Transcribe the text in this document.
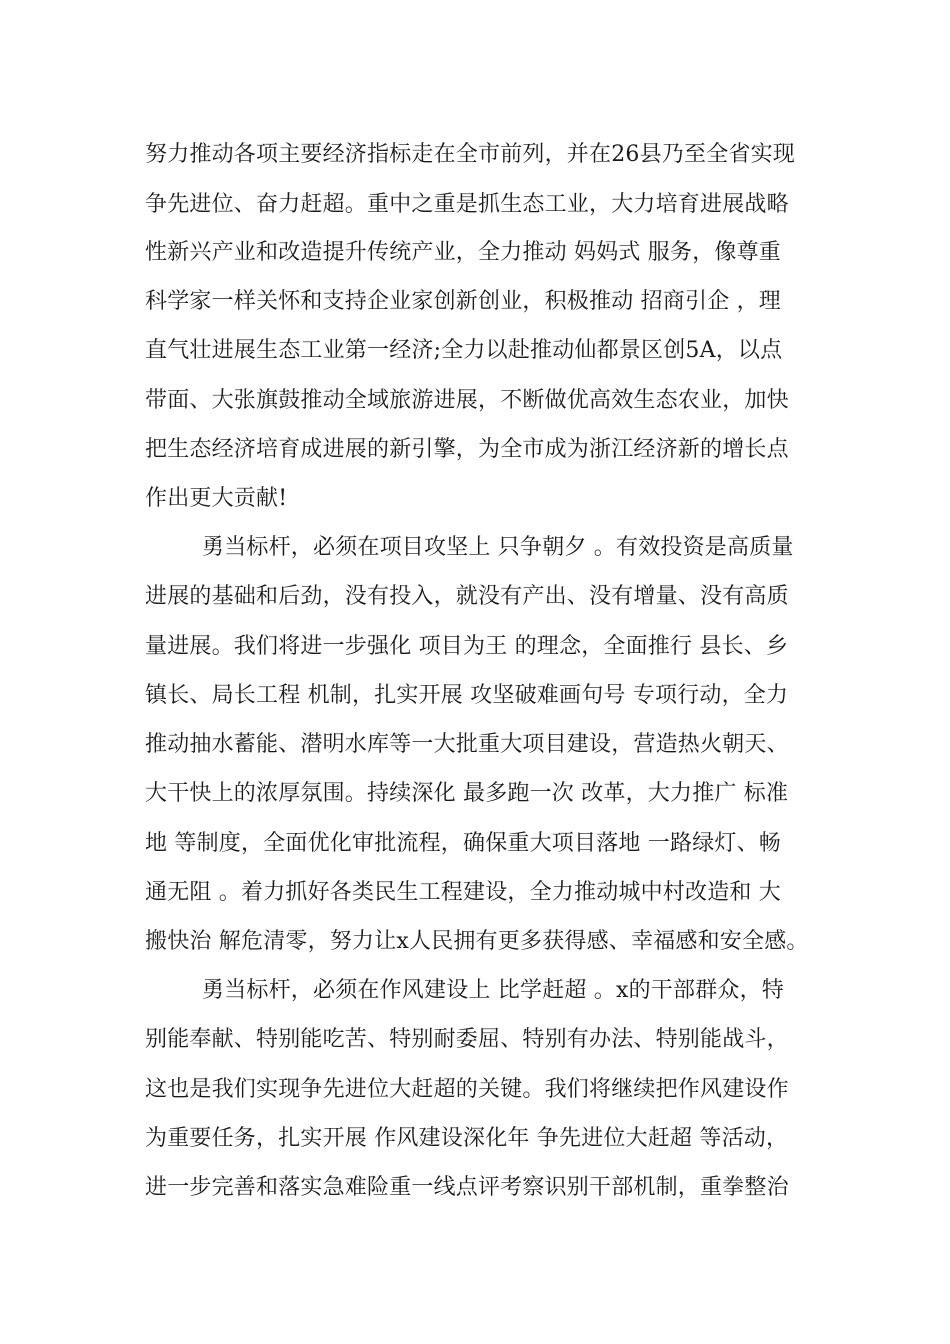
努力推动各项主要经济指标走在全市前列，并在26县乃至全省实现
争先进位、奋力赶超。重中之重是抓生态工业，大力培育进展战略
性新兴产业和改造提升传统产业，全力推动 妈妈式 服务，像尊重
科学家一样关怀和支持企业家创新创业，积极推动 招商引企 ，理
直气壮进展生态工业第一经济;全力以赴推动仙都景区创5A，以点
带面、大张旗鼓推动全域旅游进展，不断做优高效生态农业，加快
把生态经济培育成进展的新引擎，为全市成为浙江经济新的增长点
作出更大贡献!
勇当标杆，必须在项目攻坚上 只争朝夕 。有效投资是高质量
进展的基础和后劲，没有投入，就没有产出、没有增量、没有高质
量进展。我们将进一步强化 项目为王 的理念，全面推行 县长、乡
镇长、局长工程 机制，扎实开展 攻坚破难画句号 专项行动，全力
推动抽水蓄能、潜明水库等一大批重大项目建设，营造热火朝天、
大干快上的浓厚氛围。持续深化 最多跑一次 改革，大力推广 标准
地 等制度，全面优化审批流程，确保重大项目落地 一路绿灯、畅
通无阻 。着力抓好各类民生工程建设，全力推动城中村改造和 大
搬快治 解危清零，努力让x人民拥有更多获得感、幸福感和安全感。
勇当标杆，必须在作风建设上 比学赶超 。x的干部群众，特
别能奉献、特别能吃苦、特别耐委屈、特别有办法、特别能战斗，
这也是我们实现争先进位大赶超的关键。我们将继续把作风建设作
为重要任务，扎实开展 作风建设深化年 争先进位大赶超 等活动，
进一步完善和落实急难险重一线点评考察识别干部机制，重拳整治
